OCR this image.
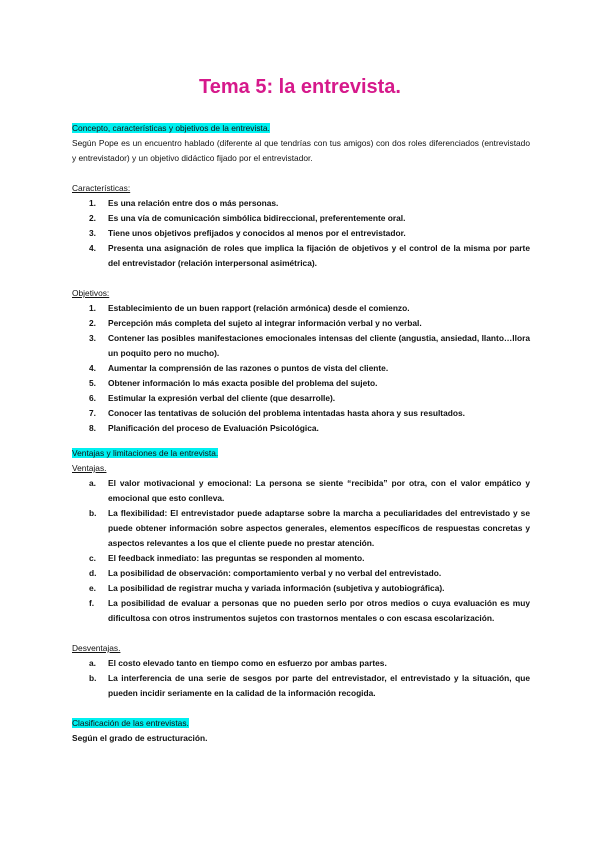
Tema 5: la entrevista.

Concepto, características y objetivos de la entrevista.

Según Pope es un encuentro hablado (diferente al que tendrías con tus amigos) con dos roles diferenciados (entrevistado y entrevistador) y un objetivo didáctico fijado por el entrevistador.

Características:

1. Es una relación entre dos o más personas.
2. Es una vía de comunicación simbólica bidireccional, preferentemente oral.
3. Tiene unos objetivos prefijados y conocidos al menos por el entrevistador.
4. Presenta una asignación de roles que implica la fijación de objetivos y el control de la misma por parte del entrevistador (relación interpersonal asimétrica).

Objetivos:

1. Establecimiento de un buen rapport (relación armónica) desde el comienzo.
2. Percepción más completa del sujeto al integrar información verbal y no verbal.
3. Contener las posibles manifestaciones emocionales intensas del cliente (angustia, ansiedad, llanto…llora un poquito pero no mucho).
4. Aumentar la comprensión de las razones o puntos de vista del cliente.
5. Obtener información lo más exacta posible del problema del sujeto.
6. Estimular la expresión verbal del cliente (que desarrolle).
7. Conocer las tentativas de solución del problema intentadas hasta ahora y sus resultados.
8. Planificación del proceso de Evaluación Psicológica.

Ventajas y limitaciones de la entrevista.

Ventajas.

a. El valor motivacional y emocional: La persona se siente “recibida” por otra, con el valor empático y emocional que esto conlleva.
b. La flexibilidad: El entrevistador puede adaptarse sobre la marcha a peculiaridades del entrevistado y se puede obtener información sobre aspectos generales, elementos específicos de respuestas concretas y aspectos relevantes a los que el cliente puede no prestar atención.
c. El feedback inmediato: las preguntas se responden al momento.
d. La posibilidad de observación: comportamiento verbal y no verbal del entrevistado.
e. La posibilidad de registrar mucha y variada información (subjetiva y autobiográfica).
f. La posibilidad de evaluar a personas que no pueden serlo por otros medios o cuya evaluación es muy dificultosa con otros instrumentos sujetos con trastornos mentales o con escasa escolarización.

Desventajas.

a. El costo elevado tanto en tiempo como en esfuerzo por ambas partes.
b. La interferencia de una serie de sesgos por parte del entrevistador, el entrevistado y la situación, que pueden incidir seriamente en la calidad de la información recogida.

Clasificación de las entrevistas.

Según el grado de estructuración.
